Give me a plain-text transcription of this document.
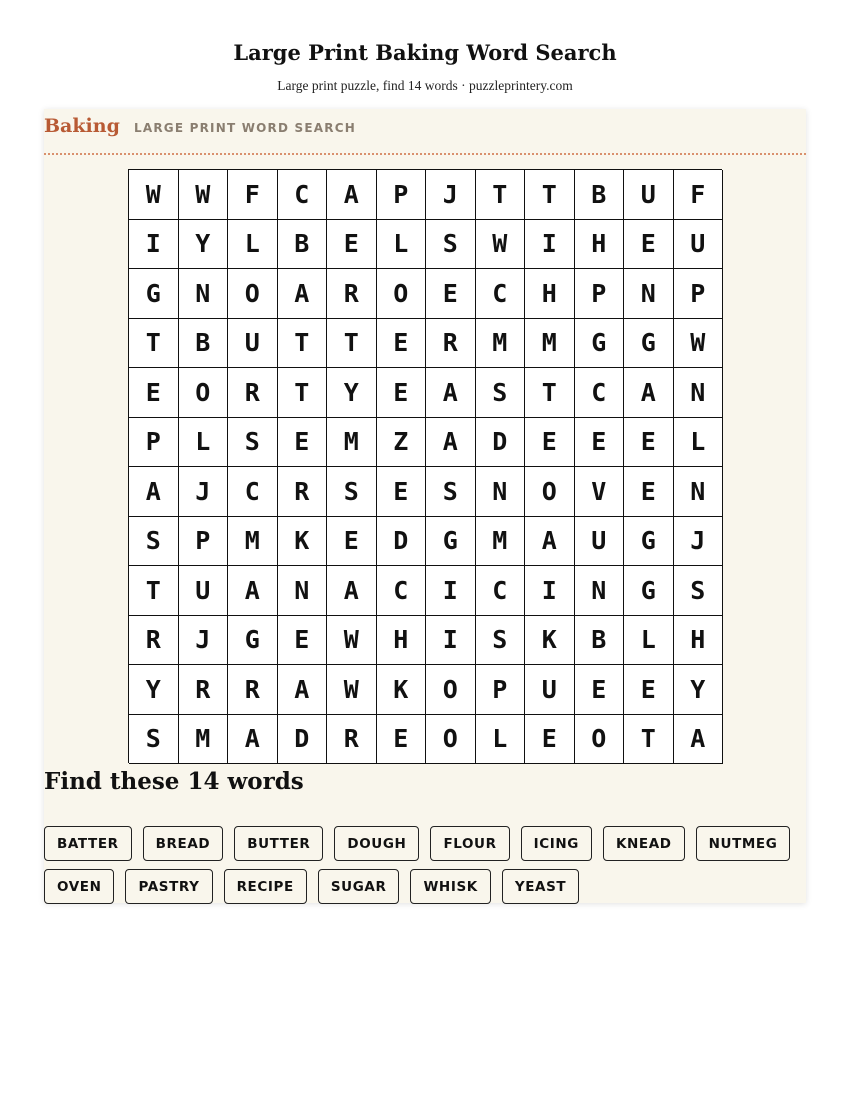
Large Print Baking Word Search
Large print puzzle, find 14 words · puzzleprintery.com
Baking LARGE PRINT WORD SEARCH
W	W	F	C	A	P	J	T	T	B	U	F
I	Y	L	B	E	L	S	W	I	H	E	U
G	N	O	A	R	O	E	C	H	P	N	P
T	B	U	T	T	E	R	M	M	G	G	W
E	O	R	T	Y	E	A	S	T	C	A	N
P	L	S	E	M	Z	A	D	E	E	E	L
A	J	C	R	S	E	S	N	O	V	E	N
S	P	M	K	E	D	G	M	A	U	G	J
T	U	A	N	A	C	I	C	I	N	G	S
R	J	G	E	W	H	I	S	K	B	L	H
Y	R	R	A	W	K	O	P	U	E	E	Y
S	M	A	D	R	E	O	L	E	O	T	A
Find these 14 words
BATTER	BREAD	BUTTER	DOUGH	FLOUR	ICING	KNEAD	NUTMEG
OVEN	PASTRY	RECIPE	SUGAR	WHISK	YEAST
